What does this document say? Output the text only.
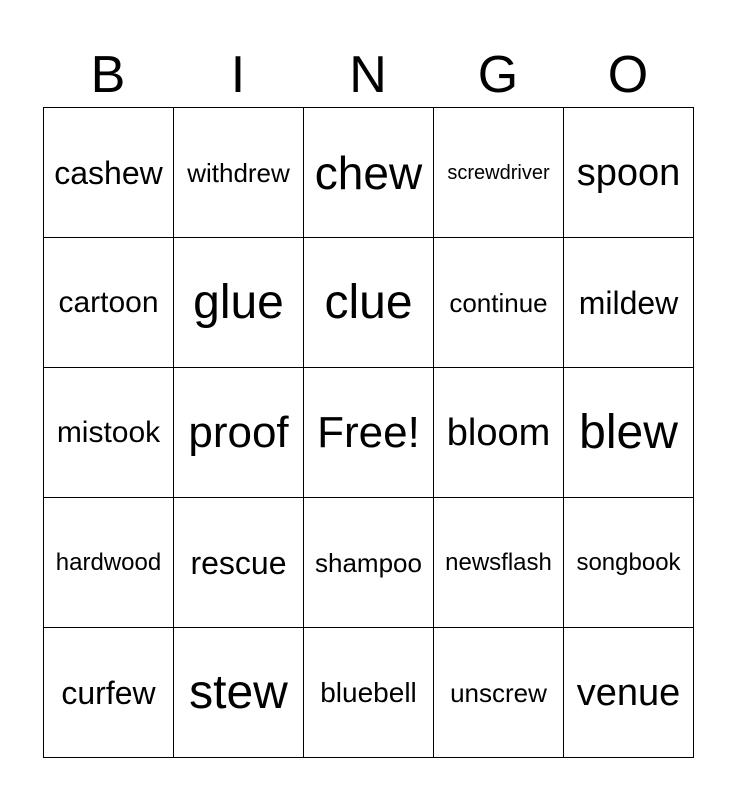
B	I	N	G	O
cashew withdrew chew	screwdriver spoon
cartoon glue clue	continue mildew
mistook proof Free! bloom blew
hardwood rescue	shampoo newsflash	songbook
curfew stew	bluebell	unscrew venue
